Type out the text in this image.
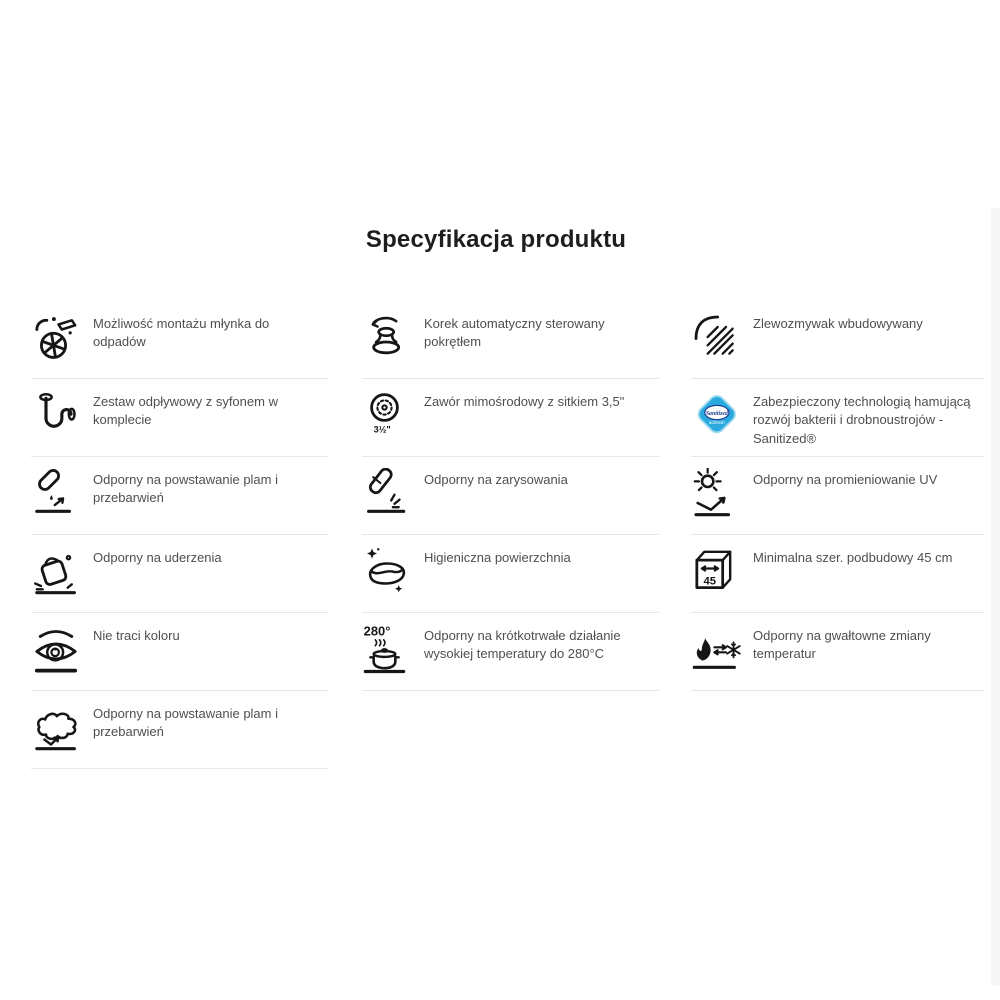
Specyfikacja produktu
Możliwość montażu młynka do odpadów
Zestaw odpływowy z syfonem w komplecie
Odporny na powstawanie plam i przebarwień
Odporny na uderzenia
Nie traci koloru
Odporny na powstawanie plam i przebarwień
Korek automatyczny sterowany pokrętłem
3½"
Zawór mimośrodowy z sitkiem 3,5"
Odporny na zarysowania
Higieniczna powierzchnia
280°	Odporny na krótkotrwałe działanie wysokiej temperatury do 280°C
Zlewozmywak wbudowywany
Sanitized
actifresh
Zabezpieczony technologią hamującą rozwój bakterii i drobnoustrojów - Sanitized®
Odporny na promieniowanie UV
45
Minimalna szer. podbudowy 45 cm
Odporny na gwałtowne zmiany temperatur
